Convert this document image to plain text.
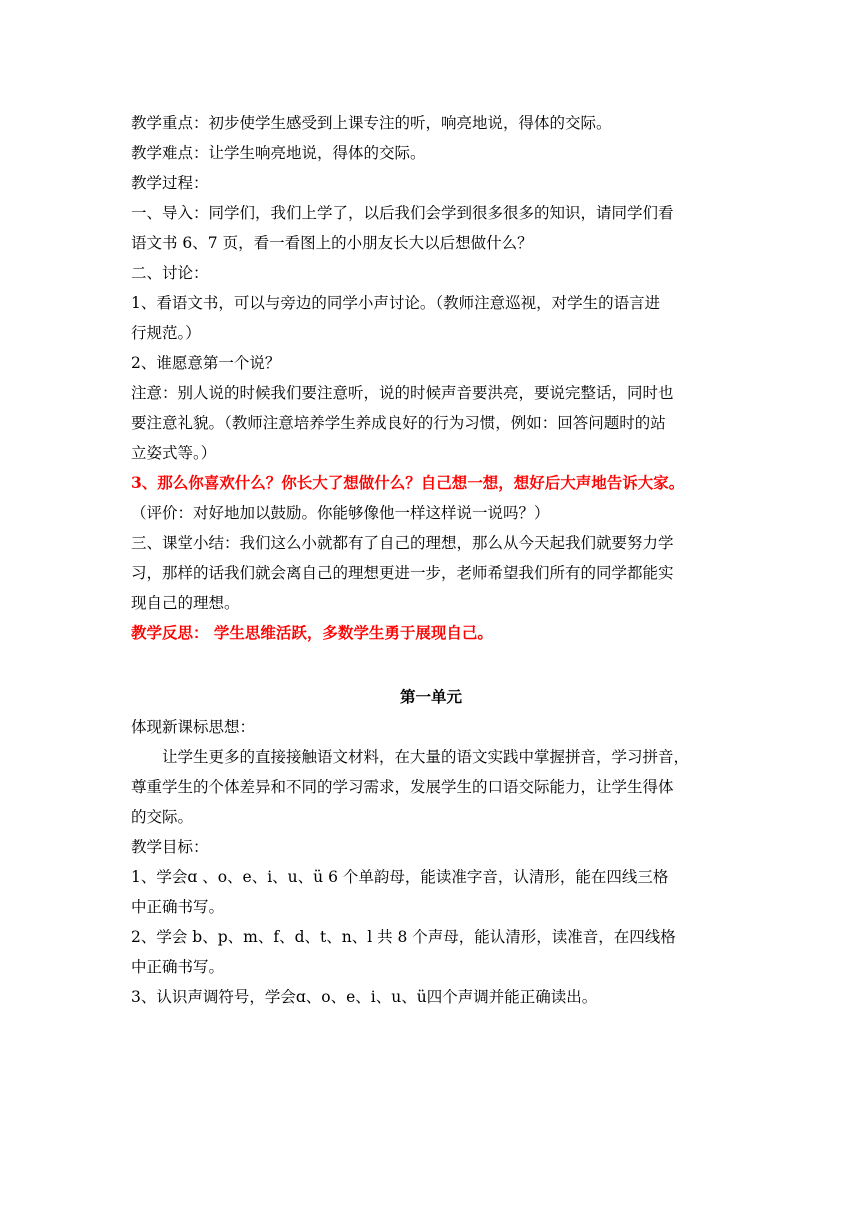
教学重点：初步使学生感受到上课专注的听，响亮地说，得体的交际。
教学难点：让学生响亮地说，得体的交际。
教学过程：
一、导入：同学们，我们上学了，以后我们会学到很多很多的知识，请同学们看
语文书 6、7 页，看一看图上的小朋友长大以后想做什么？
二、讨论：
1、看语文书，可以与旁边的同学小声讨论。（教师注意巡视，对学生的语言进
行规范。）
2、谁愿意第一个说？
注意：别人说的时候我们要注意听，说的时候声音要洪亮，要说完整话，同时也
要注意礼貌。（教师注意培养学生养成良好的行为习惯，例如：回答问题时的站
立姿式等。）
3、那么你喜欢什么？你长大了想做什么？自己想一想，想好后大声地告诉大家。
（评价：对好地加以鼓励。你能够像他一样这样说一说吗？）
三、课堂小结：我们这么小就都有了自己的理想，那么从今天起我们就要努力学
习，那样的话我们就会离自己的理想更进一步，老师希望我们所有的同学都能实
现自己的理想。
教学反思： 学生思维活跃，多数学生勇于展现自己。
第一单元
体现新课标思想：
让学生更多的直接接触语文材料，在大量的语文实践中掌握拼音，学习拼音，
尊重学生的个体差异和不同的学习需求，发展学生的口语交际能力，让学生得体
的交际。
教学目标：
1、学会ɑ 、o、e、i、u、ü 6 个单韵母，能读准字音，认清形，能在四线三格
中正确书写。
2、学会 b、p、m、f、d、t、n、l 共 8 个声母，能认清形，读准音，在四线格
中正确书写。
3、认识声调符号，学会ɑ、o、e、i、u、ü四个声调并能正确读出。
